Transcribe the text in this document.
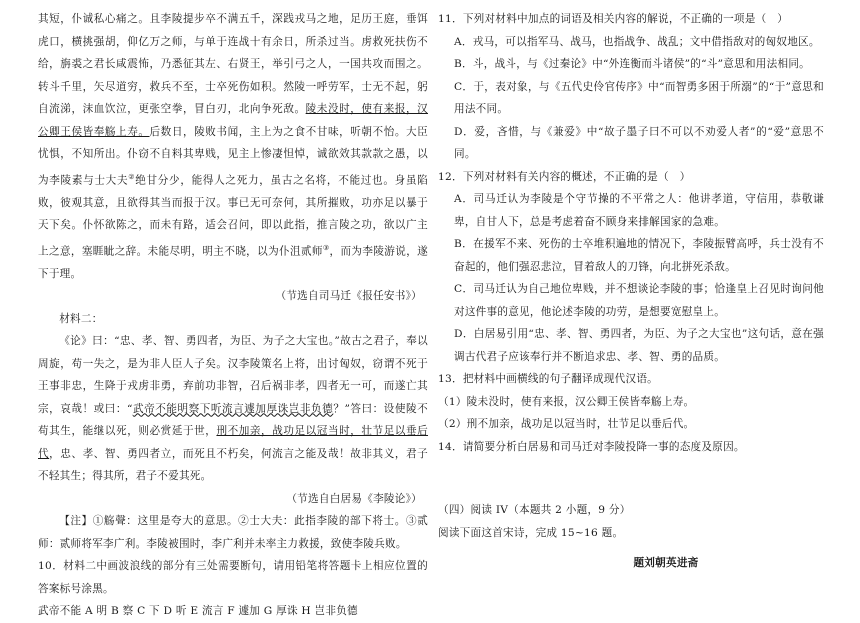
其短，仆诚私心痛之。且李陵提步卒不满五千，深践戎马之地，足历王庭，垂饵虎口，横挑强胡，仰亿万之师，与单于连战十有余日，所杀过当。虏救死扶伤不给，旃裘之君长咸震怖，乃悉征其左、右贤王，举引弓之人，一国共攻而围之。转斗千里，矢尽道穷，救兵不至，士卒死伤如积。然陵一呼劳军，士无不起，躬自流涕，沫血饮泣，更张空拳，冒白刃，北向争死敌。陵未没时，使有来报，汉公卿王侯皆奉觞上寿。后数日，陵败书闻，主上为之食不甘味，听朝不怡。大臣忧惧，不知所出。仆窃不自料其卑贱，见主上惨凄怛悼，诚欲效其款款之愚，以为李陵素与士大夫②绝甘分少，能得人之死力，虽古之名将，不能过也。身虽陷败，彼观其意，且欲得其当而报于汉。事已无可奈何，其所摧败，功亦足以暴于天下矣。仆怀欲陈之，而未有路，适会召问，即以此指，推言陵之功，欲以广主上之意，塞睚眦之辞。未能尽明，明主不晓，以为仆沮贰师③，而为李陵游说，遂下于理。

（节选自司马迁《报任安书》）

材料二：

《论》曰：“忠、孝、智、勇四者，为臣、为子之大宝也。”故古之君子，奉以周旋，苟一失之，是为非人臣人子矣。汉李陵策名上将，出讨匈奴，窃谓不死于王事非忠，生降于戎虏非勇，弃前功非智，召后祸非孝，四者无一可，而遂亡其宗，哀哉！或曰：“武帝不能明察下听流言遽加厚诛岂非负德？”答曰：设使陵不苟其生，能继以死，则必赏延于世，刑不加亲，战功足以冠当时，壮节足以垂后代，忠、孝、智、勇四者立，而死且不朽矣，何流言之能及哉！故非其义，君子不轻其生；得其所，君子不爱其死。

（节选自白居易《李陵论》）

【注】①觞聲：这里是夸大的意思。②士大夫：此指李陵的部下将士。③贰师：贰师将军李广利。李陵被围时，李广利并未率主力救援，致使李陵兵败。

10．材料二中画波浪线的部分有三处需要断句，请用铅笔将答题卡上相应位置的答案标号涂黑。

武帝不能 A 明 B 察 C 下 D 听 E 流言 F 遽加 G 厚诛 H 岂非负德

11．下列对材料中加点的词语及相关内容的解说，不正确的一项是（　）

A．戎马，可以指军马、战马，也指战争、战乱；文中借指敌对的匈奴地区。

B．斗，战斗，与《过秦论》中“外连衡而斗诸侯”的“斗”意思和用法相同。

C．于，表对象，与《五代史伶官传序》中“而智勇多困于所溺”的“于”意思和用法不同。

D．爱，吝惜，与《兼爱》中“故子墨子曰不可以不劝爱人者”的“爱”意思不同。

12．下列对材料有关内容的概述，不正确的是（　）

A．司马迁认为李陵是个守节操的不平常之人：他讲孝道，守信用，恭敬谦卑，自甘人下，总是考虑着奋不顾身来排解国家的急难。

B．在援军不来、死伤的士卒堆积遍地的情况下，李陵振臂高呼，兵士没有不奋起的，他们强忍悲泣，冒着敌人的刀锋，向北拼死杀敌。

C．司马迁认为自己地位卑贱，并不想谈论李陵的事；恰逢皇上召见时询问他对这件事的意见，他论述李陵的功劳，是想要宽慰皇上。

D．白居易引用“忠、孝、智、勇四者，为臣、为子之大宝也”这句话，意在强调古代君子应该奉行并不断追求忠、孝、智、勇的品质。

13．把材料中画横线的句子翻译成现代汉语。

（1）陵未没时，使有来报，汉公卿王侯皆奉觞上寿。

（2）刑不加亲，战功足以冠当时，壮节足以垂后代。

14．请简要分析白居易和司马迁对李陵投降一事的态度及原因。

（四）阅读 IV（本题共 2 小题，9 分）

阅读下面这首宋诗，完成 15~16 题。

题刘朝英进斋
